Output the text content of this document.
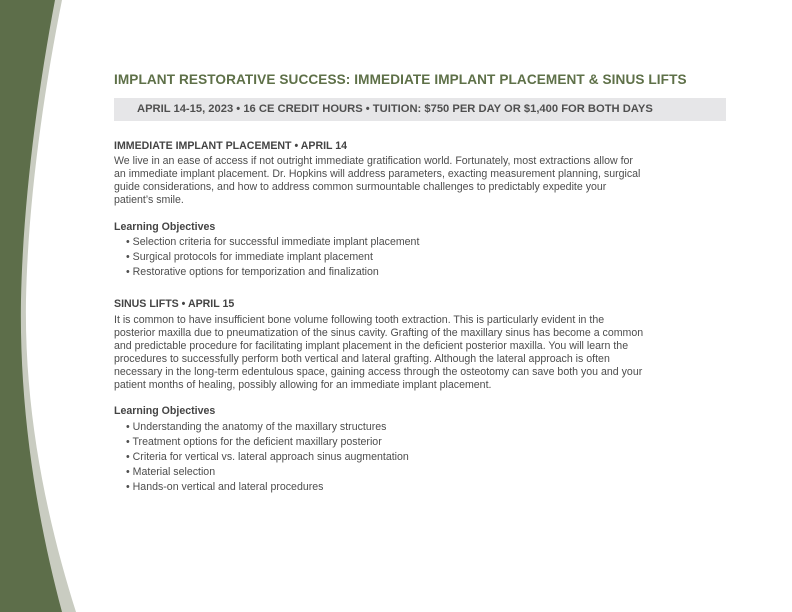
IMPLANT RESTORATIVE SUCCESS: IMMEDIATE IMPLANT PLACEMENT & SINUS LIFTS
APRIL 14-15, 2023 • 16 CE CREDIT HOURS • TUITION: $750 PER DAY OR $1,400 FOR BOTH DAYS
IMMEDIATE IMPLANT PLACEMENT • APRIL 14
We live in an ease of access if not outright immediate gratification world. Fortunately, most extractions allow for
an immediate implant placement. Dr. Hopkins will address parameters, exacting measurement planning, surgical
guide considerations, and how to address common surmountable challenges to predictably expedite your
patient’s smile.
Learning Objectives
• Selection criteria for successful immediate implant placement
• Surgical protocols for immediate implant placement
• Restorative options for temporization and finalization
SINUS LIFTS • APRIL 15
It is common to have insufficient bone volume following tooth extraction. This is particularly evident in the
posterior maxilla due to pneumatization of the sinus cavity. Grafting of the maxillary sinus has become a common
and predictable procedure for facilitating implant placement in the deficient posterior maxilla. You will learn the
procedures to successfully perform both vertical and lateral grafting. Although the lateral approach is often
necessary in the long-term edentulous space, gaining access through the osteotomy can save both you and your
patient months of healing, possibly allowing for an immediate implant placement.
Learning Objectives
• Understanding the anatomy of the maxillary structures
• Treatment options for the deficient maxillary posterior
• Criteria for vertical vs. lateral approach sinus augmentation
• Material selection
• Hands-on vertical and lateral procedures
